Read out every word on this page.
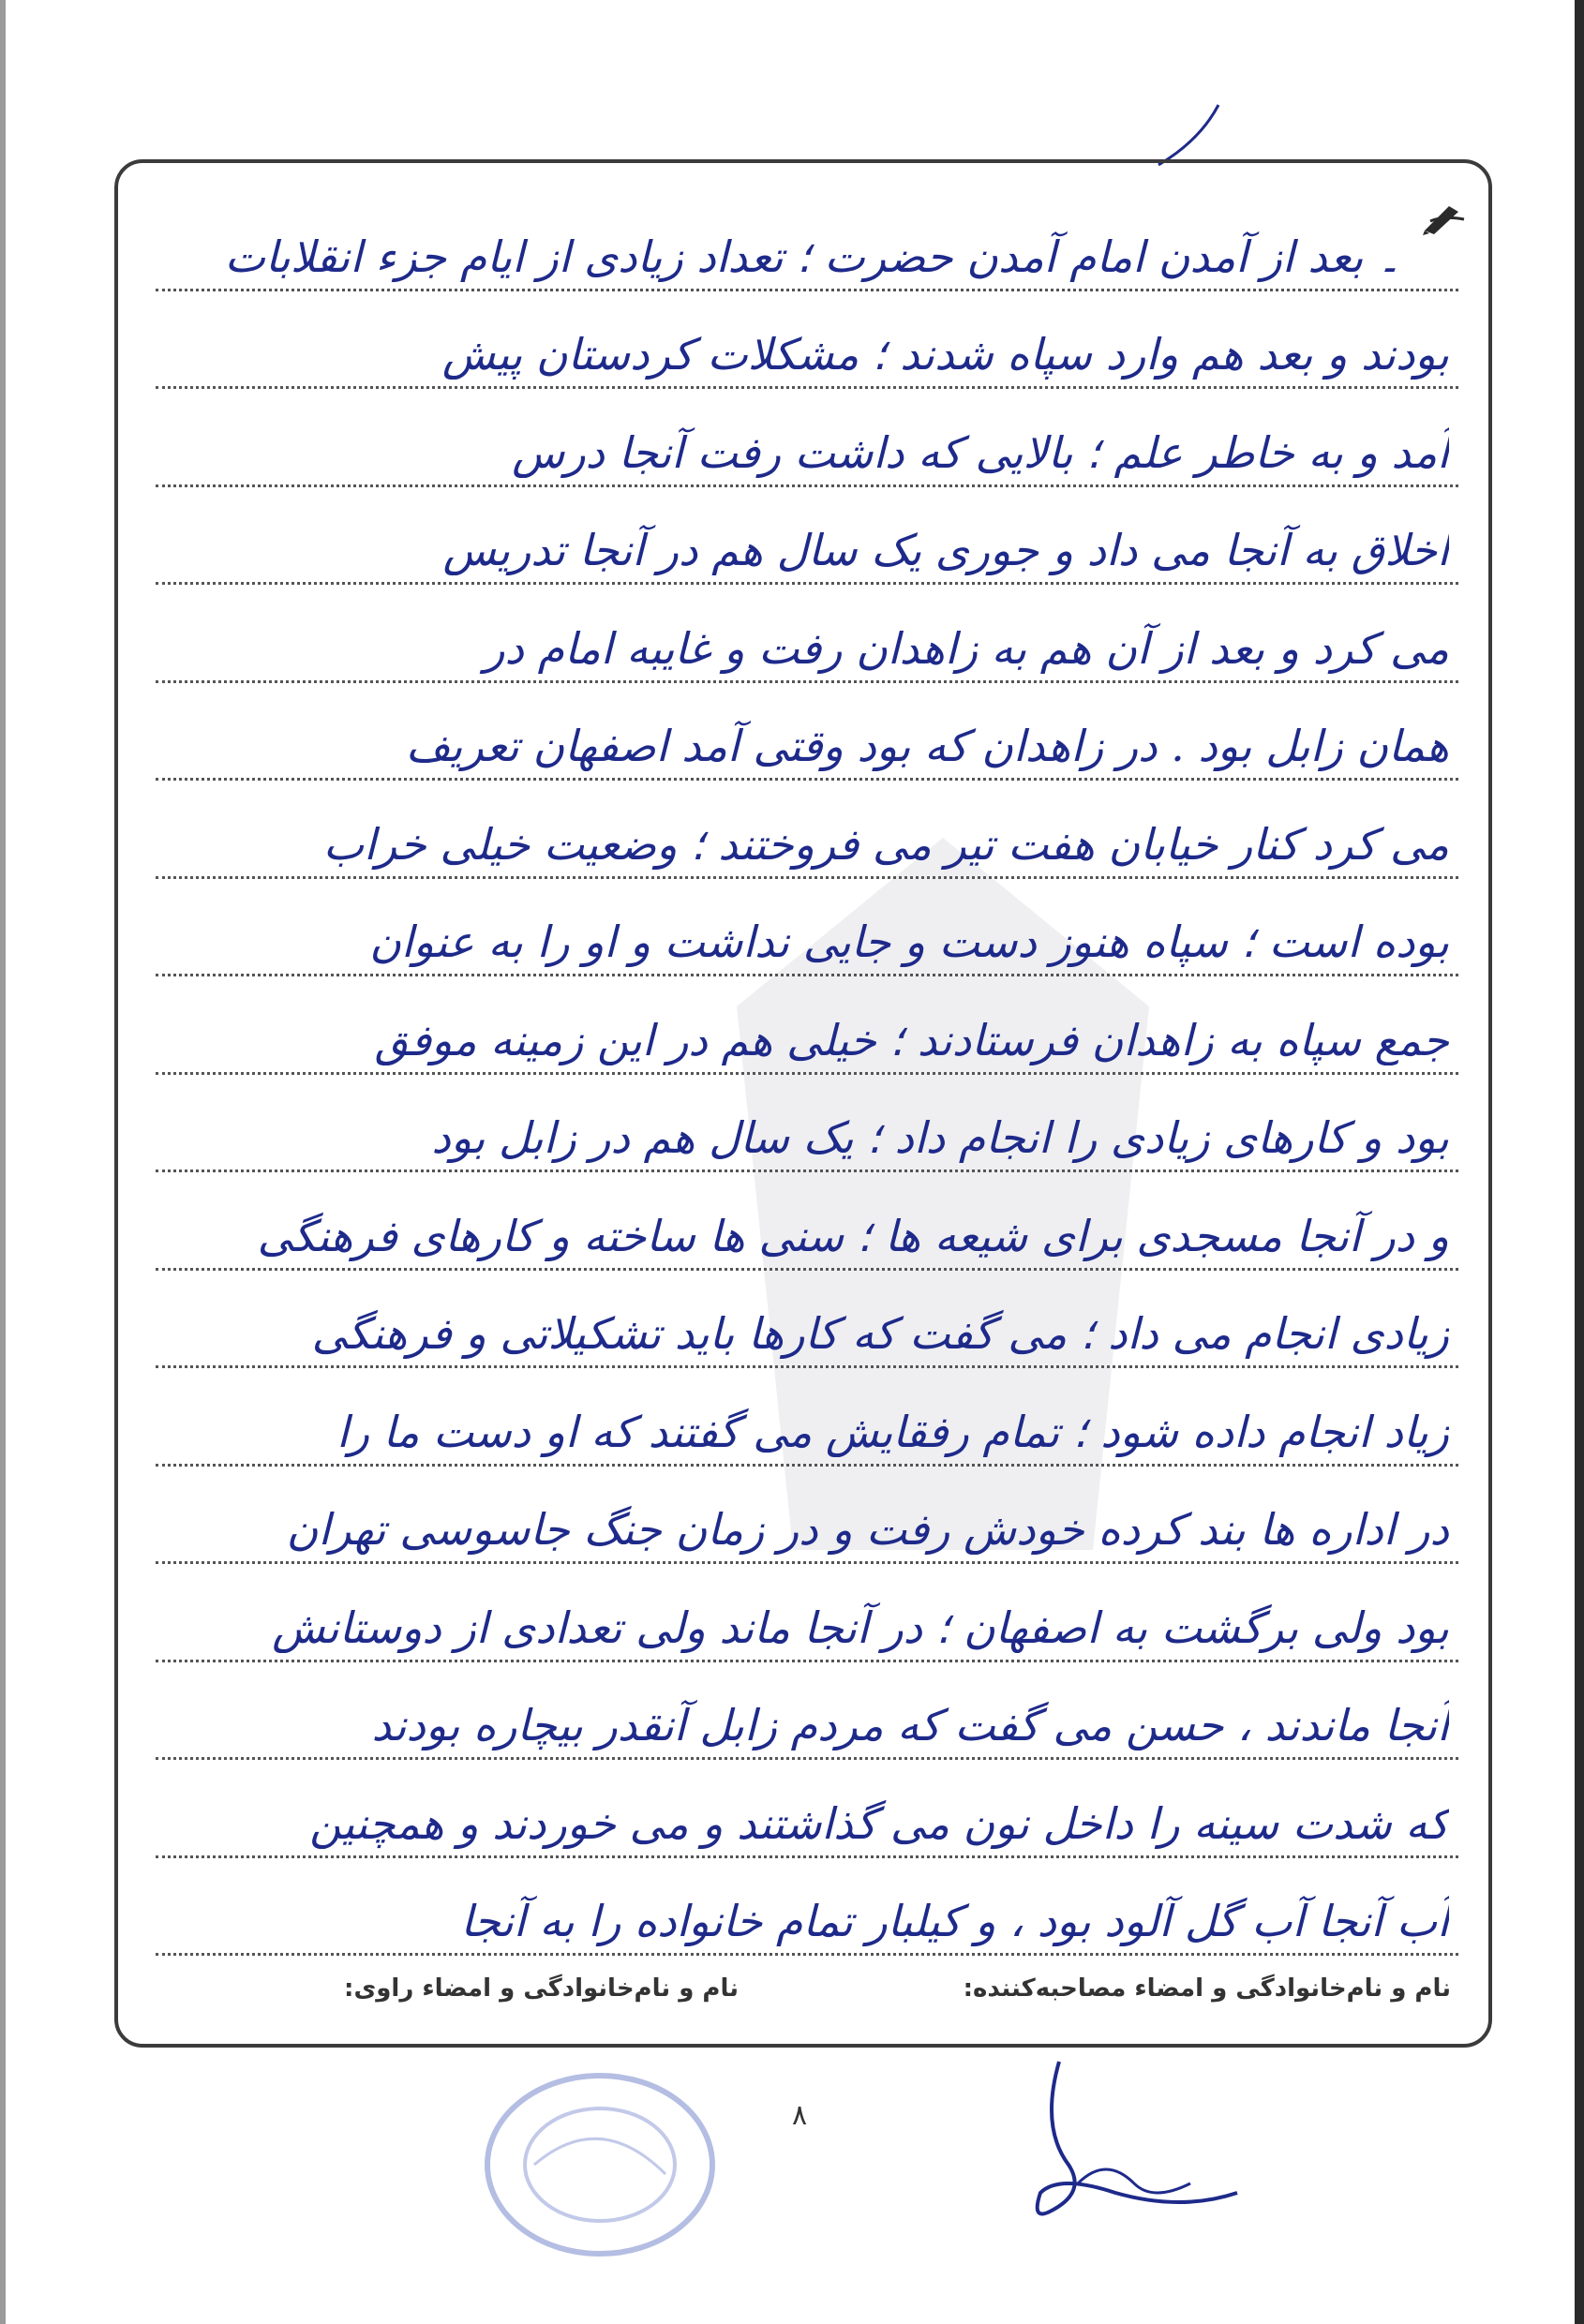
۔ بعد از آمدن امام آمدن حضرت ؛ تعداد زیادی از ایام جزء انقلابات
بودند و بعد هم وارد سپاه شدند ؛ مشکلات کردستان پیش
آمد و به خاطر علم ؛ بالایی که داشت رفت آنجا درس
اخلاق به آنجا می داد و جوری یک سال هم در آنجا تدریس
می کرد و بعد از آن هم به زاهدان رفت و غایبه امام در
همان زابل بود . در زاهدان که بود وقتی آمد اصفهان تعریف
می کرد کنار خیابان هفت تیر می فروختند ؛ وضعیت خیلی خراب
بوده است ؛ سپاه هنوز دست و جایی نداشت و او را به عنوان
جمع سپاه به زاهدان فرستادند ؛ خیلی هم در این زمینه موفق
بود و کارهای زیادی را انجام داد ؛ یک سال هم در زابل بود
و در آنجا مسجدی برای شیعه ها ؛ سنی ها ساخته و کارهای فرهنگی
زیادی انجام می داد ؛ می گفت که کارها باید تشکیلاتی و فرهنگی
زیاد انجام داده شود ؛ تمام رفقایش می گفتند که او دست ما را
در اداره ها بند کرده خودش رفت و در زمان جنگ جاسوسی تهران
بود ولی برگشت به اصفهان ؛ در آنجا ماند ولی تعدادی از دوستانش
آنجا ماندند ، حسن می گفت که مردم زابل آنقدر بیچاره بودند
که شدت سینه را داخل نون می گذاشتند و می خوردند و همچنین
آب آنجا آب گل آلود بود ، و کیلبار تمام خانواده را به آنجا
نام و نام‌خانوادگی و امضاء مصاحبه‌کننده:
نام و نام‌خانوادگی و امضاء راوی:
۸
